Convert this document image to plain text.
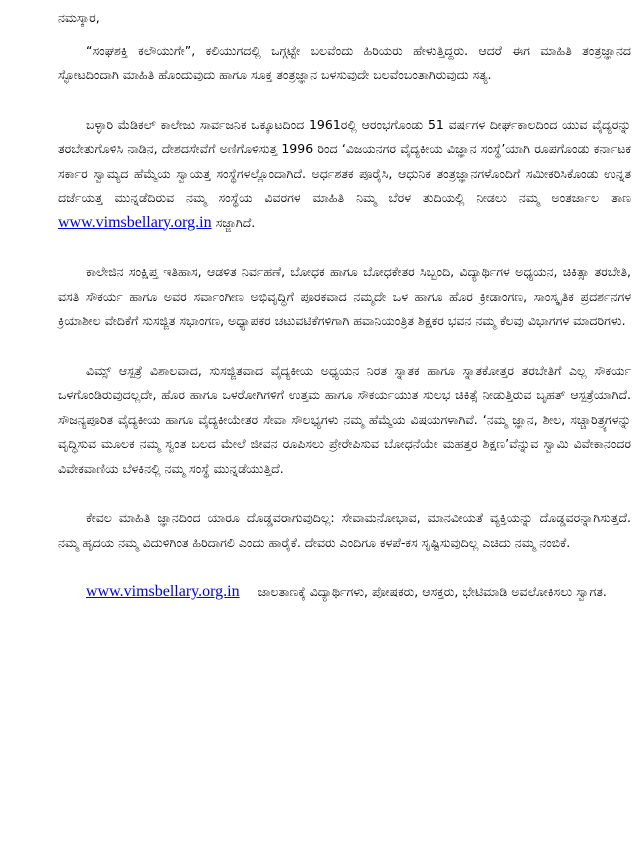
ನಮಸ್ಕಾರ,

“ಸಂಘಶಕ್ತಿ ಕಲೌಯುಗೇ”, ಕಲಿಯುಗದಲ್ಲಿ ಒಗ್ಗಟ್ಟೇ ಬಲವೆಂದು ಹಿರಿಯರು ಹೇಳುತ್ತಿದ್ದರು. ಆದರೆ ಈಗ ಮಾಹಿತಿ ತಂತ್ರಜ್ಞಾನದ ಸ್ಫೋಟದಿಂದಾಗಿ ಮಾಹಿತಿ ಹೊಂದುವುದು ಹಾಗೂ ಸೂಕ್ತ ತಂತ್ರಜ್ಞಾನ ಬಳಸುವುದೇ ಬಲವೆಂಬಂತಾಗಿರುವುದು ಸತ್ಯ.

ಬಳ್ಳಾರಿ ಮೆಡಿಕಲ್ ಕಾಲೇಜು ಸಾರ್ವಜನಿಕ ಒಕ್ಕೂಟದಿಂದ 1961ರಲ್ಲಿ ಆರಂಭಗೊಂಡು 51 ವರ್ಷಗಳ ದೀರ್ಘಕಾಲದಿಂದ ಯುವ ವೈದ್ಯರನ್ನು ತರಬೇತುಗೊಳಿಸಿ ನಾಡಿನ, ದೇಶದಸೇವೆಗೆ ಅಣಿಗೊಳಿಸುತ್ತ 1996 ರಿಂದ ‘ವಿಜಯನಗರ ವೈದ್ಯಕೀಯ ವಿಜ್ಞಾನ ಸಂಸ್ಥೆ’ಯಾಗಿ ರೂಪಗೊಂಡು ಕರ್ನಾಟಕ ಸರ್ಕಾರ ಸ್ವಾಮ್ಯದ ಹೆಮ್ಮೆಯ ಸ್ವಾಯತ್ತ ಸಂಸ್ಥೆಗಳಲ್ಲೊಂದಾಗಿದೆ. ಅರ್ಧಶತಕ ಪೂರೈಸಿ, ಆಧುನಿಕ ತಂತ್ರಜ್ಞಾನಗಳೊಂದಿಗೆ ಸಮೀಕರಿಸಿಕೊಂಡು ಉನ್ನತ ದರ್ಜೆಯತ್ತ ಮುನ್ನಡೆದಿರುವ ನಮ್ಮ ಸಂಸ್ಥೆಯ ವಿವರಗಳ ಮಾಹಿತಿ ನಿಮ್ಮ ಬೆರಳ ತುದಿಯಲ್ಲಿ ನೀಡಲು ನಮ್ಮ ಅಂತರ್ಜಾಲ ತಾಣ www.vimsbellary.org.in ಸಜ್ಜಾಗಿದೆ.

ಕಾಲೇಜಿನ ಸಂಕ್ಷಿಪ್ತ ಇತಿಹಾಸ, ಆಡಳಿತ ನಿರ್ವಹಣೆ, ಬೋಧಕ ಹಾಗೂ ಬೋಧಕೇತರ ಸಿಬ್ಬಂದಿ, ವಿದ್ಯಾರ್ಥಿಗಳ ಅಧ್ಯಯನ, ಚಿಕಿತ್ಸಾ ತರಬೇತಿ, ವಸತಿ ಸೌಕರ್ಯ ಹಾಗೂ ಅವರ ಸರ್ವಾಂಗೀಣ ಅಭಿವೃದ್ಧಿಗೆ ಪೂರಕವಾದ ನಮ್ಮದೇ ಒಳ ಹಾಗೂ ಹೊರ ಕ್ರೀಡಾಂಗಣ, ಸಾಂಸ್ಕೃತಿಕ ಪ್ರದರ್ಶನಗಳ ಕ್ರಿಯಾಶೀಲ ವೇದಿಕೆಗೆ ಸುಸಜ್ಜಿತ ಸಭಾಂಗಣ, ಅಧ್ಯಾಪಕರ ಚಟುವಟಿಕೆಗಳಿಗಾಗಿ ಹವಾನಿಯಂತ್ರಿತ ಶಿಕ್ಷಕರ ಭವನ ನಮ್ಮ ಕೆಲವು ವಿಭಾಗಗಳ ಮಾದರಿಗಳು.

ವಿಮ್ಸ್ ಆಸ್ಪತ್ರೆ ವಿಶಾಲವಾದ, ಸುಸಜ್ಜಿತವಾದ ವೈದ್ಯಕೀಯ ಅಧ್ಯಯನ ನಿರತ ಸ್ನಾತಕ ಹಾಗೂ ಸ್ನಾತಕೋತ್ತರ ತರಬೇತಿಗೆ ಎಲ್ಲ ಸೌಕರ್ಯ ಒಳಗೊಂಡಿರುವುದಲ್ಲದೇ, ಹೊರ ಹಾಗೂ ಒಳರೋಗಿಗಳಿಗೆ ಉತ್ತಮ ಹಾಗೂ ಸೌಕರ್ಯಯುತ ಸುಲಭ ಚಿಕಿತ್ಸೆ ನೀಡುತ್ತಿರುವ ಬೃಹತ್ ಆಸ್ಪತ್ರೆಯಾಗಿದೆ. ಸೌಜನ್ಯಪೂರಿತ ವೈದ್ಯಕೀಯ ಹಾಗೂ ವೈದ್ಯಕೀಯೇತರ ಸೇವಾ ಸೌಲಭ್ಯಗಳು ನಮ್ಮ ಹೆಮ್ಮೆಯ ವಿಷಯಗಳಾಗಿವೆ. ‘ನಮ್ಮ ಜ್ಞಾನ, ಶೀಲ, ಸಚ್ಚಾರಿತ್ರ್ಯಗಳನ್ನು ವೃದ್ಧಿಸುವ ಮೂಲಕ ನಮ್ಮ ಸ್ವಂತ ಬಲದ ಮೇಲೆ ಜೀವನ ರೂಪಿಸಲು ಪ್ರೇರೇಪಿಸುವ ಬೋಧನೆಯೇ ಮಹತ್ತರ ಶಿಕ್ಷಣ’ವೆನ್ನುವ ಸ್ವಾಮಿ ವಿವೇಕಾನಂದರ ವಿವೇಕವಾಣಿಯ ಬೆಳಕಿನಲ್ಲಿ ನಮ್ಮ ಸಂಸ್ಥೆ ಮುನ್ನಡೆಯುತ್ತಿದೆ.

ಕೇವಲ ಮಾಹಿತಿ ಜ್ಞಾನದಿಂದ ಯಾರೂ ದೊಡ್ಡವರಾಗುವುದಿಲ್ಲ: ಸೇವಾಮನೋಭಾವ, ಮಾನವೀಯತೆ ವ್ಯಕ್ತಿಯನ್ನು ದೊಡ್ಡವರನ್ನಾಗಿಸುತ್ತದೆ. ನಮ್ಮ ಹೃದಯ ನಮ್ಮ ವಿದುಳಿಗಿಂತ ಹಿರಿದಾಗಲಿ ಎಂದು ಹಾರೈಕೆ. ದೇವರು ಎಂದಿಗೂ ಕಳಪೆ-ಕಸ ಸೃಷ್ಟಿಸುವುದಿಲ್ಲ ಎಚಿದು ನಮ್ಮ ನಂಬಿಕೆ.

www.vimsbellary.org.in ಜಾಲತಾಣಕ್ಕೆ ವಿದ್ಯಾರ್ಥಿಗಳು, ಪೋಷಕರು, ಆಸಕ್ತರು, ಭೇಟಿಮಾಡಿ ಅವಲೋಕಿಸಲು ಸ್ವಾಗತ.
